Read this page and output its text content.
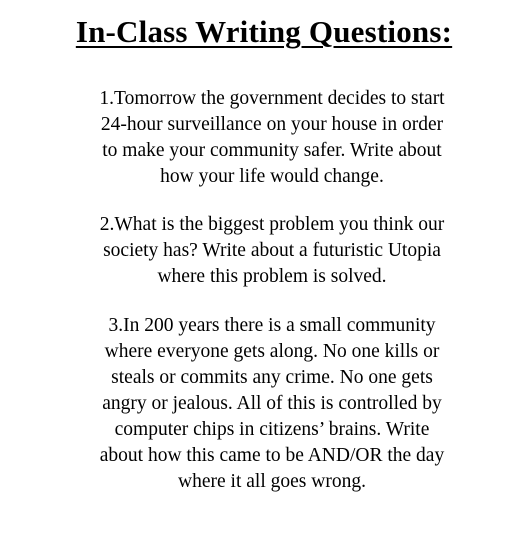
In-Class Writing Questions:
1.Tomorrow the government decides to start
24-hour surveillance on your house in order
to make your community safer. Write about
how your life would change.
2.What is the biggest problem you think our
society has? Write about a futuristic Utopia
where this problem is solved.
3.In 200 years there is a small community
where everyone gets along. No one kills or
steals or commits any crime. No one gets
angry or jealous. All of this is controlled by
computer chips in citizens’ brains. Write
about how this came to be AND/OR the day
where it all goes wrong.
